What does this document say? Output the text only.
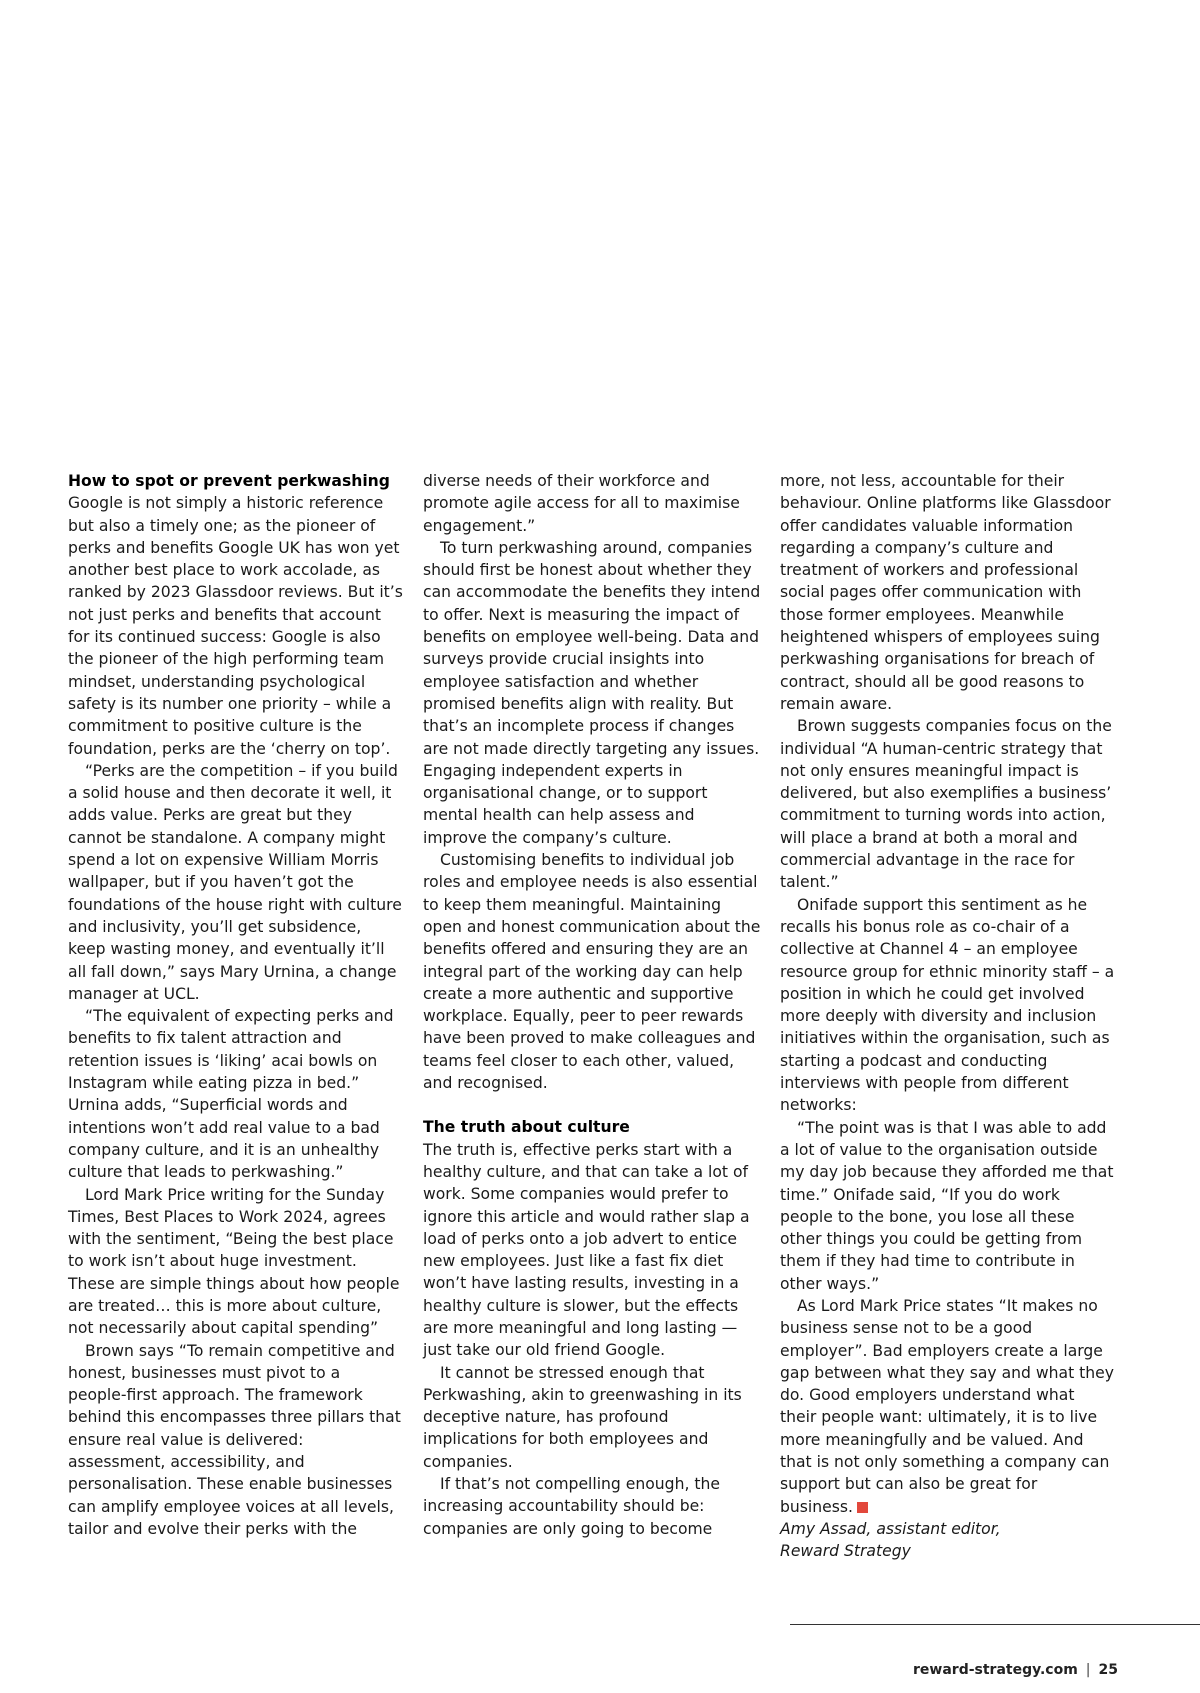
How to spot or prevent perkwashing

Google is not simply a historic reference but also a timely one; as the pioneer of perks and benefits Google UK has won yet another best place to work accolade, as ranked by 2023 Glassdoor reviews. But it’s not just perks and benefits that account for its continued success: Google is also the pioneer of the high performing team mindset, understanding psychological safety is its number one priority – while a commitment to positive culture is the foundation, perks are the ‘cherry on top’.

“Perks are the competition – if you build a solid house and then decorate it well, it adds value. Perks are great but they cannot be standalone. A company might spend a lot on expensive William Morris wallpaper, but if you haven’t got the foundations of the house right with culture and inclusivity, you’ll get subsidence, keep wasting money, and eventually it’ll all fall down,” says Mary Urnina, a change manager at UCL.

“The equivalent of expecting perks and benefits to fix talent attraction and retention issues is ‘liking’ acai bowls on Instagram while eating pizza in bed.” Urnina adds, “Superficial words and intentions won’t add real value to a bad company culture, and it is an unhealthy culture that leads to perkwashing.”

Lord Mark Price writing for the Sunday Times, Best Places to Work 2024, agrees with the sentiment, “Being the best place to work isn’t about huge investment. These are simple things about how people are treated… this is more about culture, not necessarily about capital spending”

Brown says “To remain competitive and honest, businesses must pivot to a people-first approach. The framework behind this encompasses three pillars that ensure real value is delivered: assessment, accessibility, and personalisation. These enable businesses can amplify employee voices at all levels, tailor and evolve their perks with the

diverse needs of their workforce and promote agile access for all to maximise engagement.”

To turn perkwashing around, companies should first be honest about whether they can accommodate the benefits they intend to offer. Next is measuring the impact of benefits on employee well-being. Data and surveys provide crucial insights into employee satisfaction and whether promised benefits align with reality. But that’s an incomplete process if changes are not made directly targeting any issues. Engaging independent experts in organisational change, or to support mental health can help assess and improve the company’s culture.

Customising benefits to individual job roles and employee needs is also essential to keep them meaningful. Maintaining open and honest communication about the benefits offered and ensuring they are an integral part of the working day can help create a more authentic and supportive workplace. Equally, peer to peer rewards have been proved to make colleagues and teams feel closer to each other, valued, and recognised.

The truth about culture

The truth is, effective perks start with a healthy culture, and that can take a lot of work. Some companies would prefer to ignore this article and would rather slap a load of perks onto a job advert to entice new employees. Just like a fast fix diet won’t have lasting results, investing in a healthy culture is slower, but the effects are more meaningful and long lasting — just take our old friend Google.

It cannot be stressed enough that Perkwashing, akin to greenwashing in its deceptive nature, has profound implications for both employees and companies.

If that’s not compelling enough, the increasing accountability should be: companies are only going to become

more, not less, accountable for their behaviour. Online platforms like Glassdoor offer candidates valuable information regarding a company’s culture and treatment of workers and professional social pages offer communication with those former employees. Meanwhile heightened whispers of employees suing perkwashing organisations for breach of contract, should all be good reasons to remain aware.

Brown suggests companies focus on the individual “A human-centric strategy that not only ensures meaningful impact is delivered, but also exemplifies a business’ commitment to turning words into action, will place a brand at both a moral and commercial advantage in the race for talent.”

Onifade support this sentiment as he recalls his bonus role as co-chair of a collective at Channel 4 – an employee resource group for ethnic minority staff – a position in which he could get involved more deeply with diversity and inclusion initiatives within the organisation, such as starting a podcast and conducting interviews with people from different networks:

“The point was is that I was able to add a lot of value to the organisation outside my day job because they afforded me that time.” Onifade said, “If you do work people to the bone, you lose all these other things you could be getting from them if they had time to contribute in other ways.”

As Lord Mark Price states “It makes no business sense not to be a good employer”. Bad employers create a large gap between what they say and what they do. Good employers understand what their people want: ultimately, it is to live more meaningfully and be valued. And that is not only something a company can support but can also be great for business.

Amy Assad, assistant editor,

Reward Strategy

reward-strategy.com | 25
